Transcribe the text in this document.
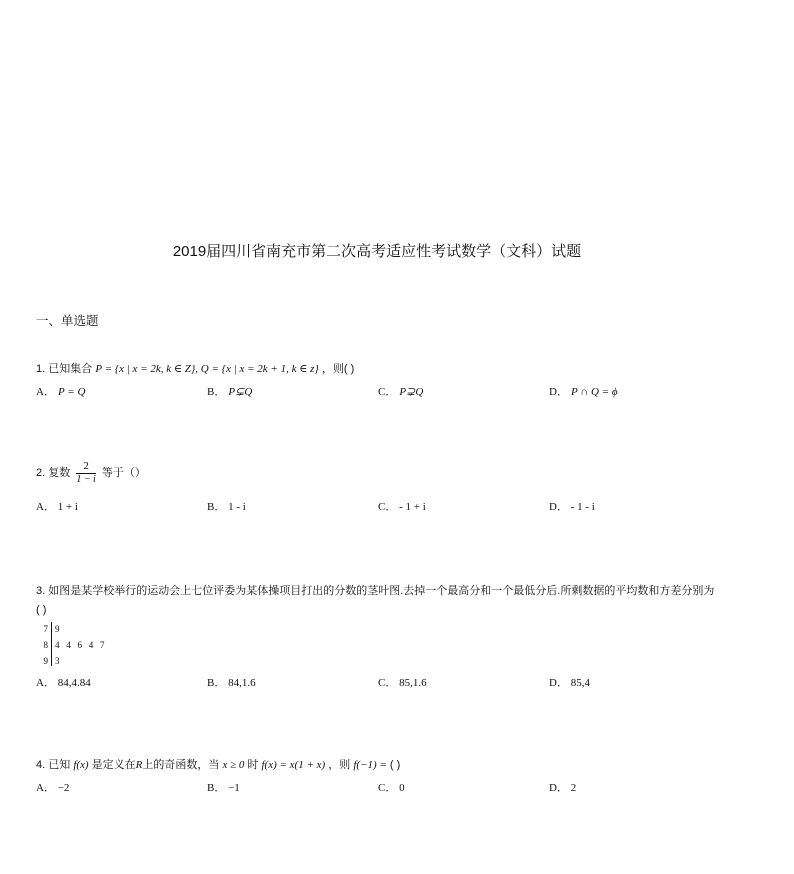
2019届四川省南充市第二次高考适应性考试数学（文科）试题
一、单选题
1. 已知集合 P = {x | x = 2k, k ∈ Z}, Q = {x | x = 2k + 1, k ∈ z} ，则( )
A． P = Q	B． P⊊Q	C． P⊋Q	D． P ∩ Q = ϕ
2. 复数 $\frac{2}{1 - i}$ 等于（）
A． 1 + i	B． 1 - i	C． - 1 + i	D． - 1 - i
3. 如图是某学校举行的运动会上七位评委为某体操项目打出的分数的茎叶图.去掉一个最高分和一个最低分后.所剩数据的平均数和方差分别为
( )
7 9
8 4   4   6   4   7
9 3
A． 84,4.84	B． 84,1.6	C． 85,1.6	D． 85,4
4. 已知 f(x) 是定义在R上的奇函数，当 x ≥ 0 时 f(x) = x(1 + x) ，则 f(−1) = ( )
A． −2	B． −1	C． 0	D． 2
